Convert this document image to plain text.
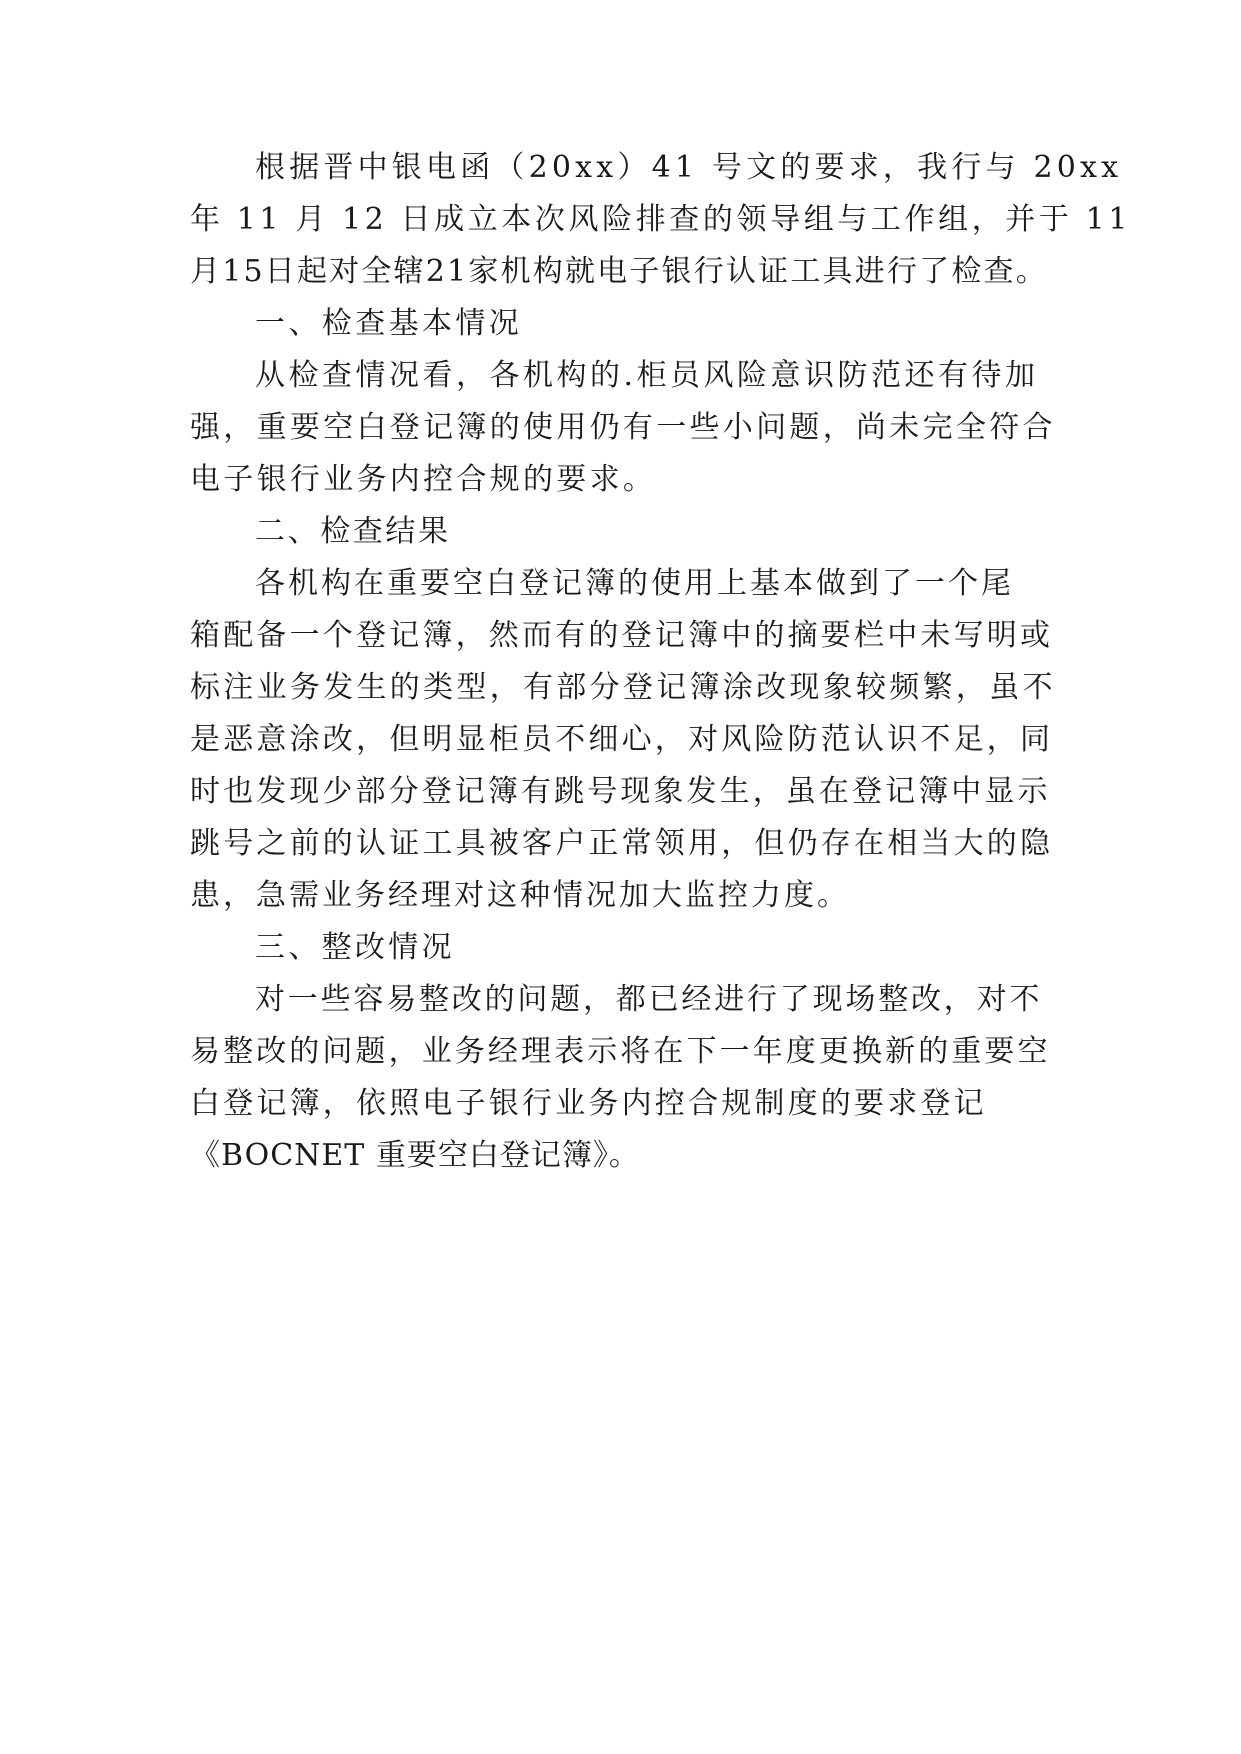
根据晋中银电函（20xx）41 号文的要求，我行与 20xx
年 11 月 12 日成立本次风险排查的领导组与工作组，并于 11
月15日起对全辖21家机构就电子银行认证工具进行了检查。
一、检查基本情况
从检查情况看，各机构的.柜员风险意识防范还有待加
强，重要空白登记簿的使用仍有一些小问题，尚未完全符合
电子银行业务内控合规的要求。
二、检查结果
各机构在重要空白登记簿的使用上基本做到了一个尾
箱配备一个登记簿，然而有的登记簿中的摘要栏中未写明或
标注业务发生的类型，有部分登记簿涂改现象较频繁，虽不
是恶意涂改，但明显柜员不细心，对风险防范认识不足，同
时也发现少部分登记簿有跳号现象发生，虽在登记簿中显示
跳号之前的认证工具被客户正常领用，但仍存在相当大的隐
患，急需业务经理对这种情况加大监控力度。
三、整改情况
对一些容易整改的问题，都已经进行了现场整改，对不
易整改的问题，业务经理表示将在下一年度更换新的重要空
白登记簿，依照电子银行业务内控合规制度的要求登记
《BOCNET 重要空白登记簿》。
